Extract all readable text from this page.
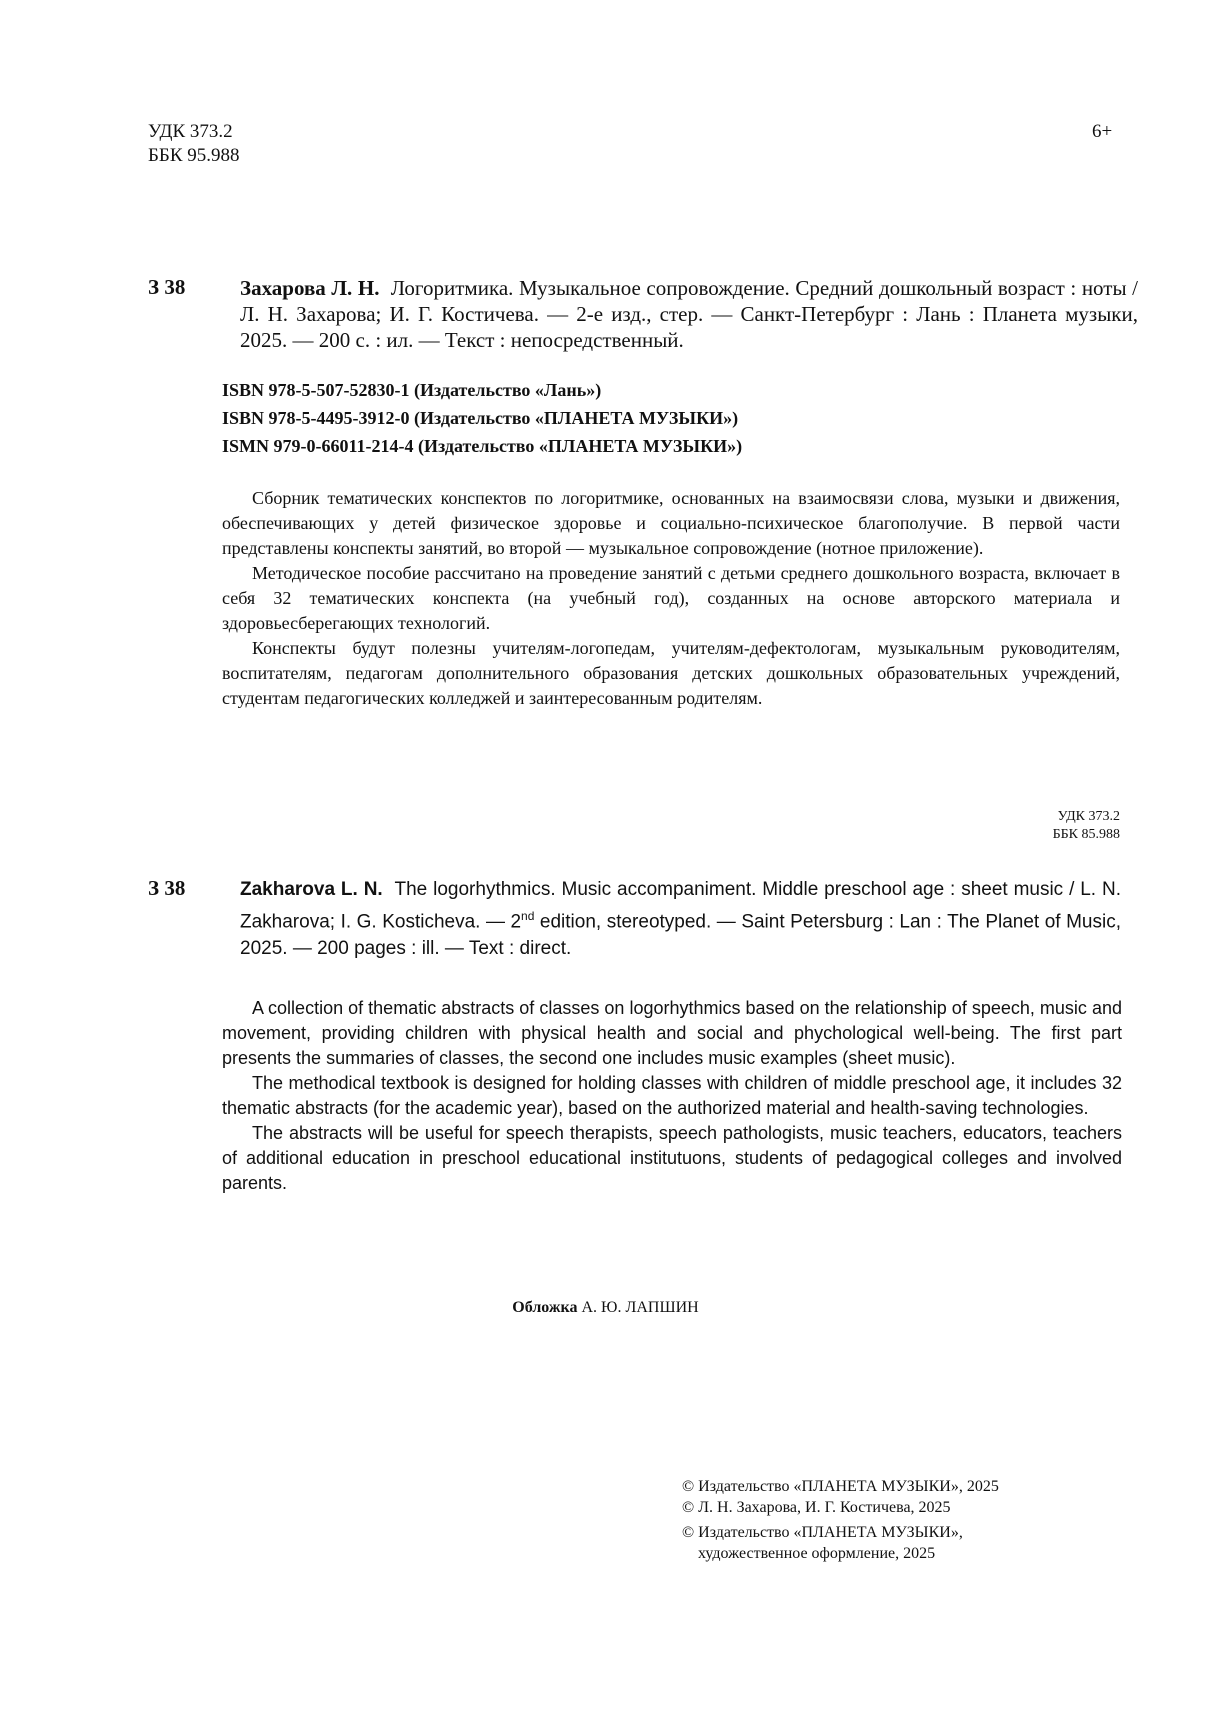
УДК 373.2
ББК 95.988
6+
З 38	Захарова Л. Н. Логоритмика. Музыкальное сопровождение. Средний дошкольный возраст : ноты / Л. Н. Захарова; И. Г. Костичева. — 2-е изд., стер. — Санкт-Петербург : Лань : Планета музыки, 2025. — 200 с. : ил. — Текст : непосредственный.
ISBN 978-5-507-52830-1 (Издательство «Лань»)
ISBN 978-5-4495-3912-0 (Издательство «ПЛАНЕТА МУЗЫКИ»)
ISMN 979-0-66011-214-4 (Издательство «ПЛАНЕТА МУЗЫКИ»)

Сборник тематических конспектов по логоритмике, основанных на взаимосвязи слова, музыки и движения, обеспечивающих у детей физическое здоровье и социально-психическое благополучие. В первой части представлены конспекты занятий, во второй — музыкальное сопровождение (нотное приложение).

Методическое пособие рассчитано на проведение занятий с детьми среднего дошкольного возраста, включает в себя 32 тематических конспекта (на учебный год), созданных на основе авторского материала и здоровьесберегающих технологий.

Конспекты будут полезны учителям-логопедам, учителям-дефектологам, музыкальным руководителям, воспитателям, педагогам дополнительного образования детских дошкольных образовательных учреждений, студентам педагогических колледжей и заинтересованным родителям.

УДК 373.2
ББК 85.988
З 38	Zakharova L. N. The logorhythmics. Music accompaniment. Middle preschool age : sheet music / L. N. Zakharova; I. G. Kosticheva. — 2nd edition, stereotyped. — Saint Petersburg : Lan : The Planet of Music, 2025. — 200 pages : ill. — Text : direct.

A collection of thematic abstracts of classes on logorhythmics based on the relationship of speech, music and movement, providing children with physical health and social and phychological well-being. The first part presents the summaries of classes, the second one includes music examples (sheet music).

The methodical textbook is designed for holding classes with children of middle preschool age, it includes 32 thematic abstracts (for the academic year), based on the authorized material and health-saving technologies.

The abstracts will be useful for speech therapists, speech pathologists, music teachers, educators, teachers of additional education in preschool educational institutuons, students of pedagogical colleges and involved parents.

Обложка А. Ю. ЛАПШИН
© Издательство «ПЛАНЕТА МУЗЫКИ», 2025
© Л. Н. Захарова, И. Г. Костичева, 2025
© Издательство «ПЛАНЕТА МУЗЫКИ»,
художественное оформление, 2025
